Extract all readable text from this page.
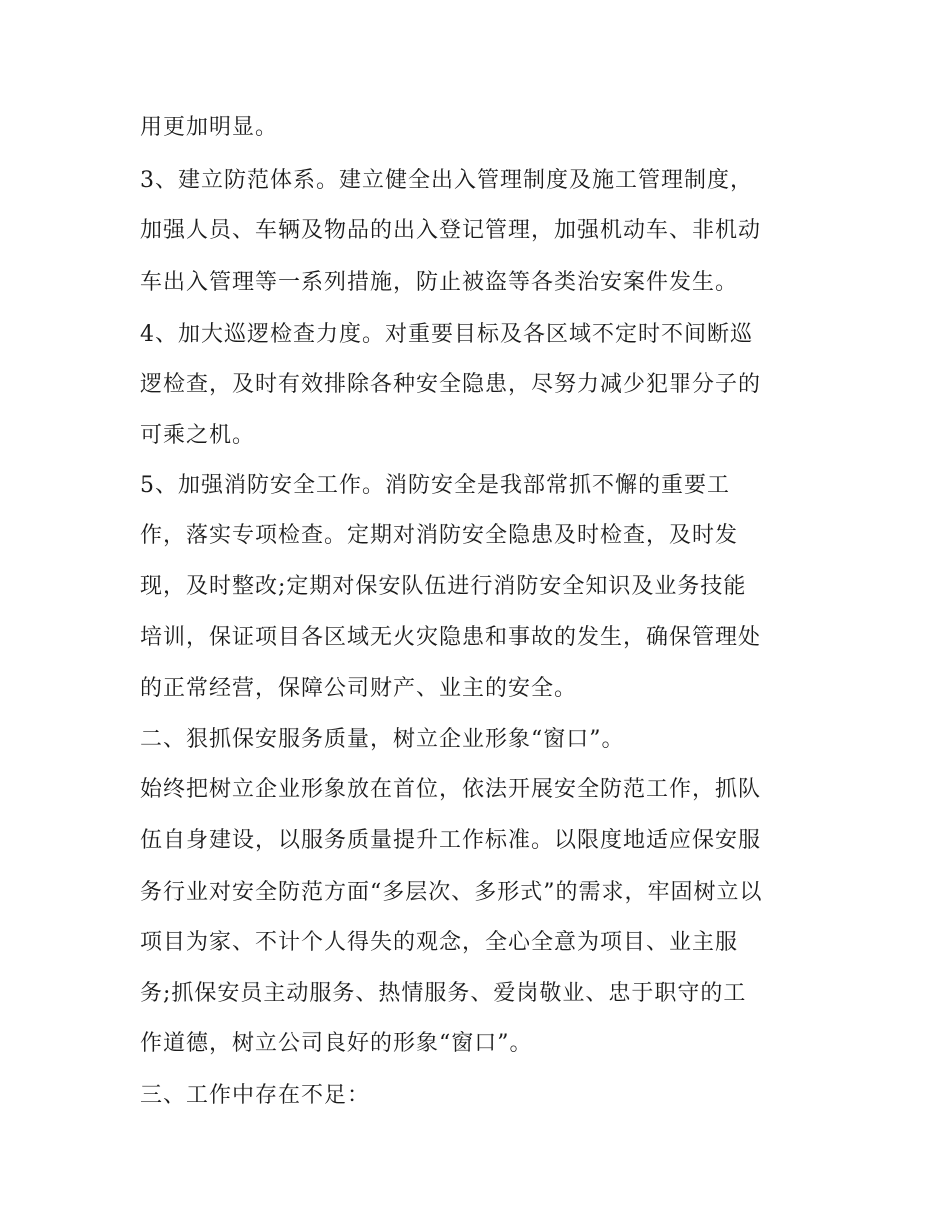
用更加明显。
3、建立防范体系。建立健全出入管理制度及施工管理制度，
加强人员、车辆及物品的出入登记管理，加强机动车、非机动
车出入管理等一系列措施，防止被盗等各类治安案件发生。
4、加大巡逻检查力度。对重要目标及各区域不定时不间断巡
逻检查，及时有效排除各种安全隐患，尽努力减少犯罪分子的
可乘之机。
5、加强消防安全工作。消防安全是我部常抓不懈的重要工
作，落实专项检查。定期对消防安全隐患及时检查，及时发
现，及时整改;定期对保安队伍进行消防安全知识及业务技能
培训，保证项目各区域无火灾隐患和事故的发生，确保管理处
的正常经营，保障公司财产、业主的安全。
二、狠抓保安服务质量，树立企业形象“窗口”。
始终把树立企业形象放在首位，依法开展安全防范工作，抓队
伍自身建设，以服务质量提升工作标准。以限度地适应保安服
务行业对安全防范方面“多层次、多形式”的需求，牢固树立以
项目为家、不计个人得失的观念，全心全意为项目、业主服
务;抓保安员主动服务、热情服务、爱岗敬业、忠于职守的工
作道德，树立公司良好的形象“窗口”。
三、工作中存在不足：
